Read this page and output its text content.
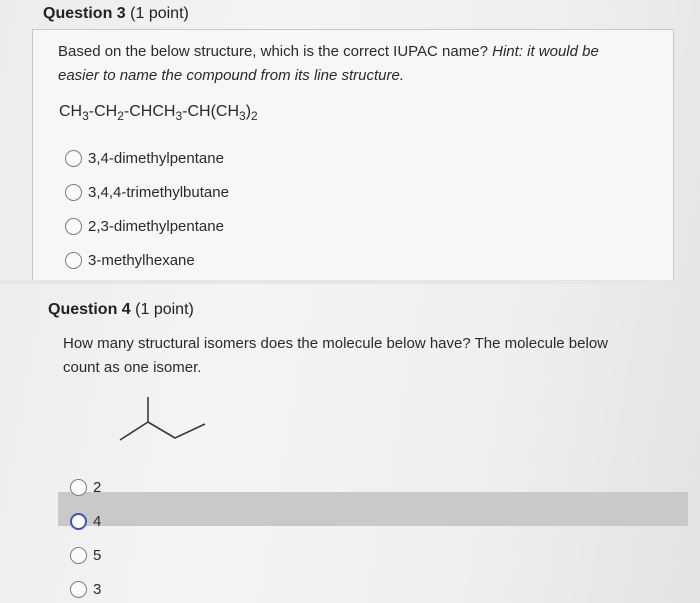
Question 3 (1 point)
Based on the below structure, which is the correct IUPAC name? Hint: it would be
easier to name the compound from its line structure.
$CH_3-CH_2-CHCH_3-CH(CH_3)_2$
3,4-dimethylpentane
3,4,4-trimethylbutane
2,3-dimethylpentane
3-methylhexane
Question 4 (1 point)
How many structural isomers does the molecule below have? The molecule below
count as one isomer.
2
4
5
3
